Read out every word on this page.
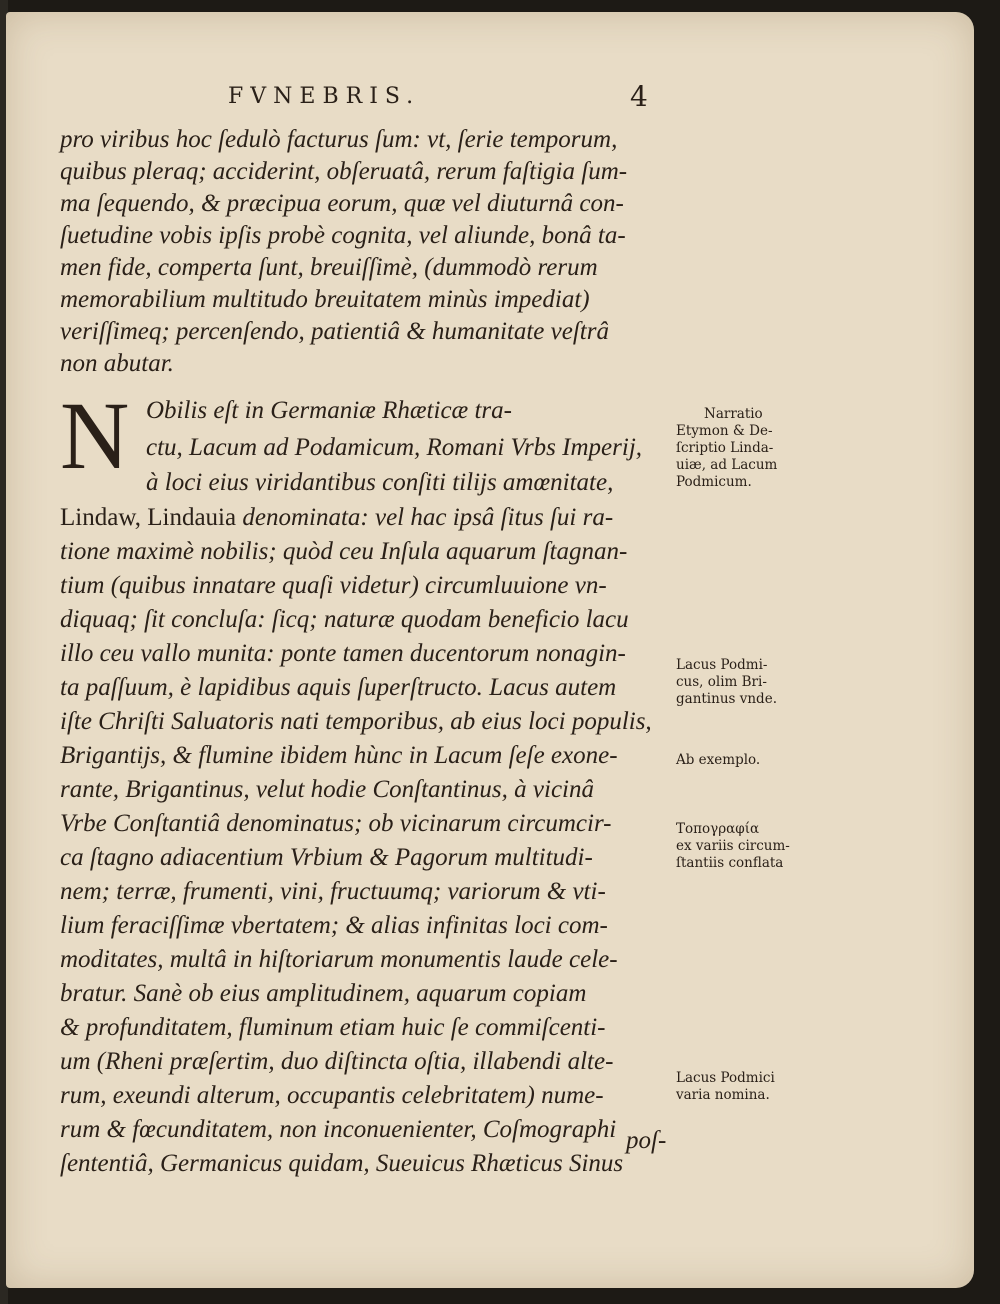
FVNEBRIS.	4
pro viribus hoc ſedulò facturus ſum: vt, ſerie temporum,
quibus pleraq; acciderint, obſeruatâ, rerum faſtigia ſum-
ma ſequendo, & præcipua eorum, quæ vel diuturnâ con-
ſuetudine vobis ipſis probè cognita, vel aliunde, bonâ ta-
men fide, comperta ſunt, breuiſſimè, (dummodò rerum
memorabilium multitudo breuitatem minùs impediat)
veriſſimeq; percenſendo, patientiâ & humanitate veſtrâ
non abutar.
N Obilis eſt in Germaniæ Rhæticæ tra-
ctu, Lacum ad Podamicum, Romani Vrbs Imperij,
à loci eius viridantibus conſiti tilijs amœnitate,
Lindaw, Lindauia denominata: vel hac ipsâ ſitus ſui ra-
tione maximè nobilis; quòd ceu Inſula aquarum ſtagnan-
tium (quibus innatare quaſi videtur) circumluuione vn-
diquaq; ſit concluſa: ſicq; naturæ quodam beneficio lacu
illo ceu vallo munita: ponte tamen ducentorum nonagin-
ta paſſuum, è lapidibus aquis ſuperſtructo. Lacus autem
iſte Chriſti Saluatoris nati temporibus, ab eius loci populis,
Brigantijs, & flumine ibidem hùnc in Lacum ſeſe exone-
rante, Brigantinus, velut hodie Conſtantinus, à vicinâ
Vrbe Conſtantiâ denominatus; ob vicinarum circumcir-
ca ſtagno adiacentium Vrbium & Pagorum multitudi-
nem; terræ, frumenti, vini, fructuumq; variorum & vti-
lium feraciſſimæ vbertatem; & alias infinitas loci com-
moditates, multâ in hiſtoriarum monumentis laude cele-
bratur. Sanè ob eius amplitudinem, aquarum copiam
& profunditatem, fluminum etiam huic ſe commiſcenti-
um (Rheni præſertim, duo diſtincta oſtia, illabendi alte-
rum, exeundi alterum, occupantis celebritatem) nume-
rum & fœcunditatem, non inconuenienter, Coſmographi
ſententiâ, Germanicus quidam, Sueuicus Rhæticus Sinus
poſ-
Narratio
Etymon & De-
ſcriptio Linda-
uiæ, ad Lacum
Podmicum.
Lacus Podmi-
cus, olim Bri-
gantinus vnde.
Ab exemplo.
Τοπογραφία
ex variis circum-
ſtantiis conflata
Lacus Podmici
varia nomina.
